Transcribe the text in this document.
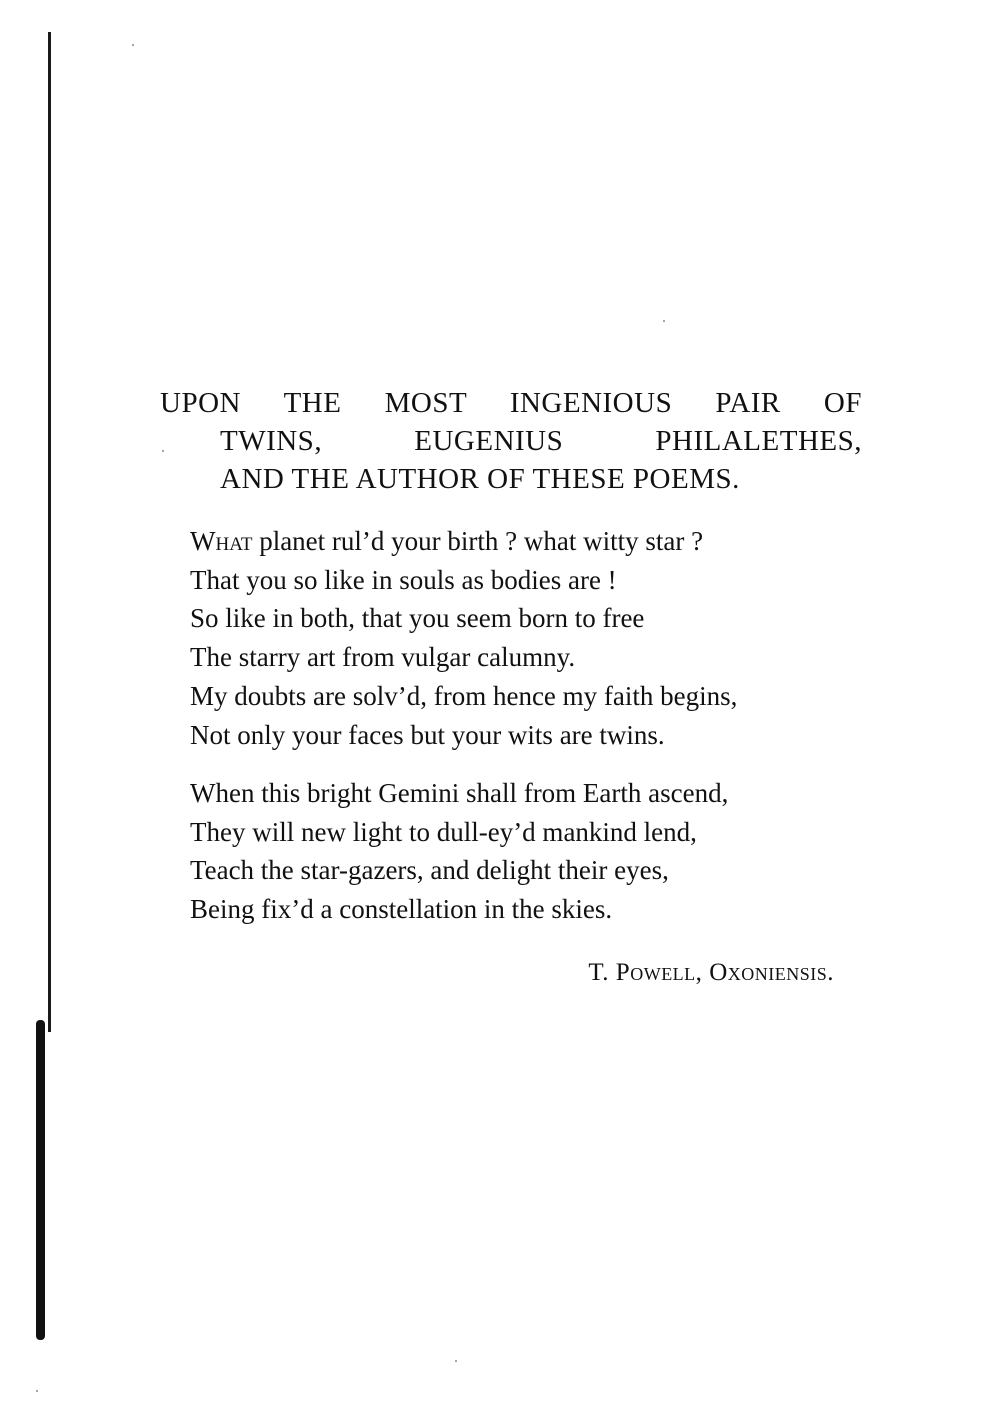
UPON THE MOST INGENIOUS PAIR OF
TWINS, EUGENIUS PHILALETHES,
AND THE AUTHOR OF THESE POEMS.
What planet rul’d your birth ? what witty star ?
That you so like in souls as bodies are !
So like in both, that you seem born to free
The starry art from vulgar calumny.
My doubts are solv’d, from hence my faith begins,
Not only your faces but your wits are twins.
When this bright Gemini shall from Earth ascend,
They will new light to dull-ey’d mankind lend,
Teach the star-gazers, and delight their eyes,
Being fix’d a constellation in the skies.
T. Powell, Oxoniensis.
